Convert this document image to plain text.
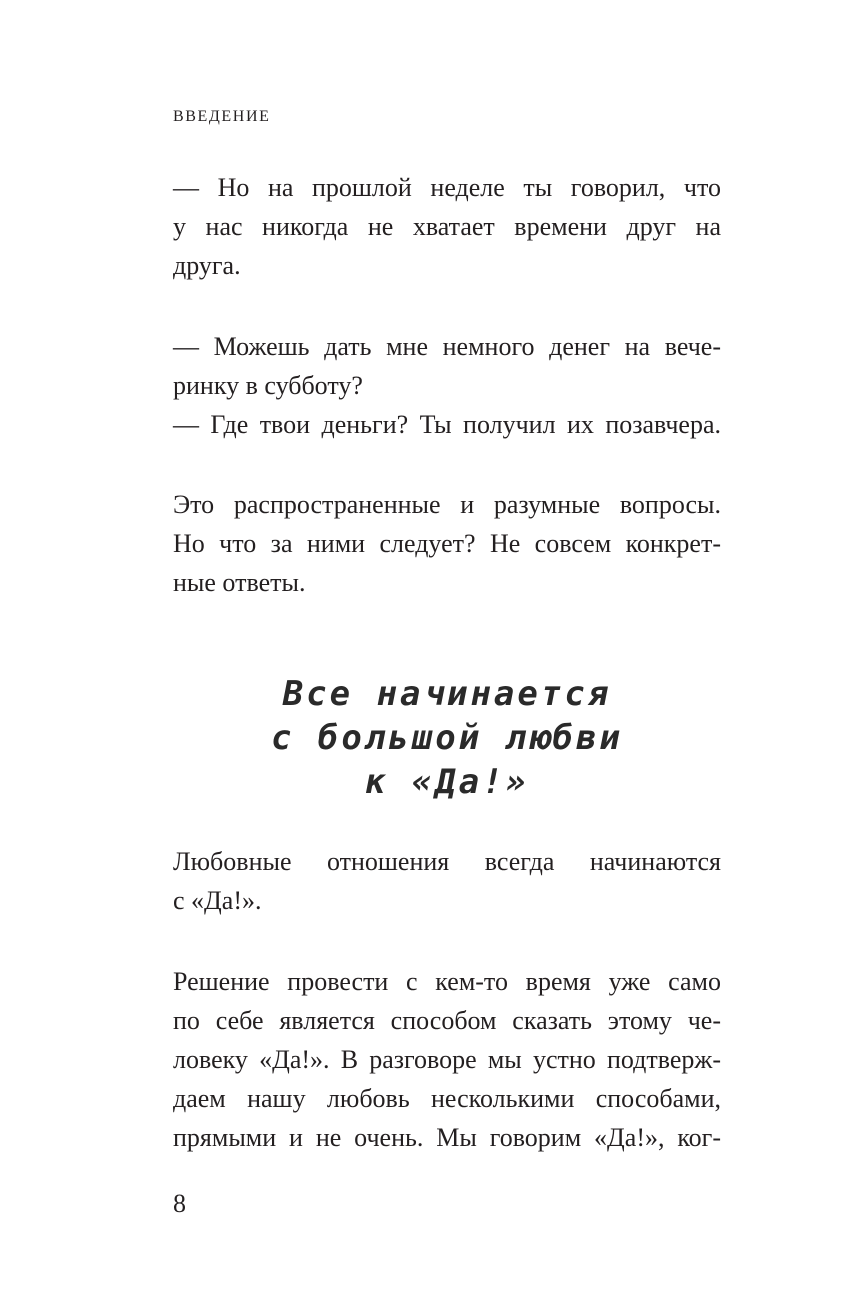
ВВЕДЕНИЕ

— Но на прошлой неделе ты говорил, что
у нас никогда не хватает времени друг на
друга.

— Можешь дать мне немного денег на вече-
ринку в субботу?
— Где твои деньги? Ты получил их позавчера.

Это распространенные и разумные вопросы.
Но что за ними следует? Не совсем конкрет-
ные ответы.

Все начинается
с большой любви
к «Да!»

Любовные отношения всегда начинаются
с «Да!».

Решение провести с кем-то время уже само
по себе является способом сказать этому че-
ловеку «Да!». В разговоре мы устно подтверж-
даем нашу любовь несколькими способами,
прямыми и не очень. Мы говорим «Да!», ког-

8
